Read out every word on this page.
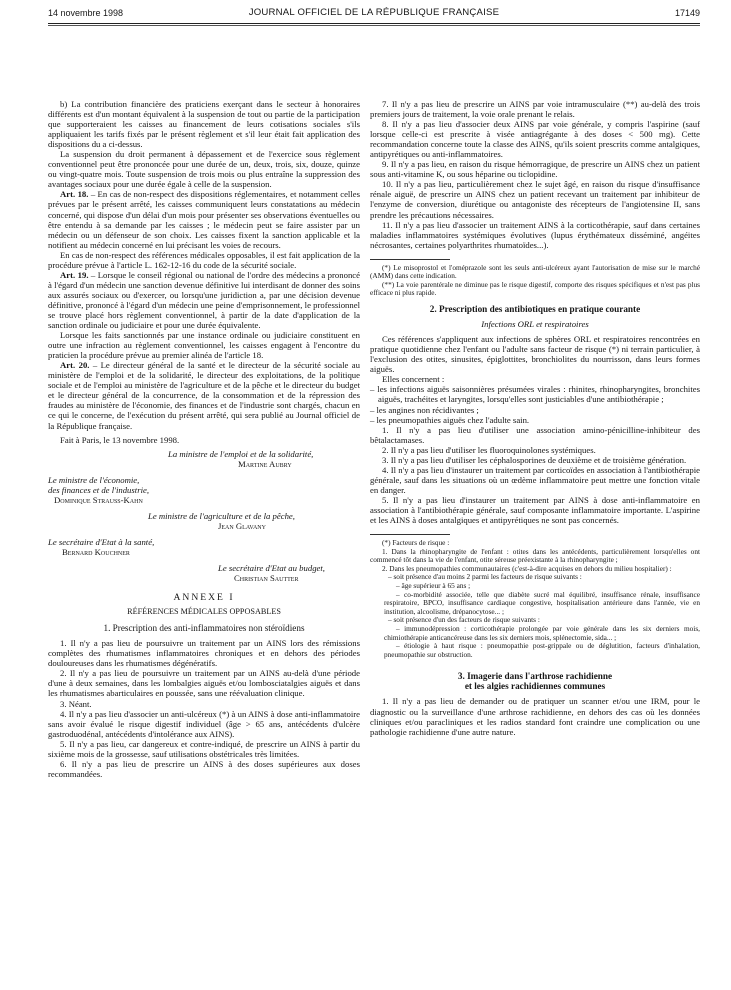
14 novembre 1998	JOURNAL OFFICIEL DE LA RÉPUBLIQUE FRANÇAISE	17149

b) La contribution financière des praticiens exerçant dans le secteur à honoraires différents est d'un montant équivalent à la suspension de tout ou partie de la participation que supporteraient les caisses au financement de leurs cotisations sociales s'ils appliquaient les tarifs fixés par le présent règlement et s'il leur était fait application des dispositions du a ci-dessus.

La suspension du droit permanent à dépassement et de l'exercice sous règlement conventionnel peut être prononcée pour une durée de un, deux, trois, six, douze, quinze ou vingt-quatre mois. Toute suspension de trois mois ou plus entraîne la suppression des avantages sociaux pour une durée égale à celle de la suspension.

Art. 18. – En cas de non-respect des dispositions réglementaires, et notamment celles prévues par le présent arrêté, les caisses communiquent leurs constatations au médecin concerné, qui dispose d'un délai d'un mois pour présenter ses observations éventuelles ou être entendu à sa demande par les caisses ; le médecin peut se faire assister par un médecin ou un défenseur de son choix. Les caisses fixent la sanction applicable et la notifient au médecin concerné en lui précisant les voies de recours.

En cas de non-respect des références médicales opposables, il est fait application de la procédure prévue à l'article L. 162-12-16 du code de la sécurité sociale.

Art. 19. – Lorsque le conseil régional ou national de l'ordre des médecins a prononcé à l'égard d'un médecin une sanction devenue définitive lui interdisant de donner des soins aux assurés sociaux ou d'exercer, ou lorsqu'une juridiction a, par une décision devenue définitive, prononcé à l'égard d'un médecin une peine d'emprisonnement, le professionnel se trouve placé hors règlement conventionnel, à partir de la date d'application de la sanction ordinale ou judiciaire et pour une durée équivalente.

Lorsque les faits sanctionnés par une instance ordinale ou judiciaire constituent en outre une infraction au règlement conventionnel, les caisses engagent à l'encontre du praticien la procédure prévue au premier alinéa de l'article 18.

Art. 20. – Le directeur général de la santé et le directeur de la sécurité sociale au ministère de l'emploi et de la solidarité, le directeur des exploitations, de la politique sociale et de l'emploi au ministère de l'agriculture et de la pêche et le directeur du budget et le directeur général de la concurrence, de la consommation et de la répression des fraudes au ministère de l'économie, des finances et de l'industrie sont chargés, chacun en ce qui le concerne, de l'exécution du présent arrêté, qui sera publié au Journal officiel de la République française.

Fait à Paris, le 13 novembre 1998.

La ministre de l'emploi et de la solidarité,
Martine Aubry
Le ministre de l'économie,
des finances et de l'industrie,
Dominique Strauss-Kahn
Le ministre de l'agriculture et de la pêche,
Jean Glavany
Le secrétaire d'Etat à la santé,
Bernard Kouchner
Le secrétaire d'Etat au budget,
Christian Sautter

ANNEXE I

RÉFÉRENCES MÉDICALES OPPOSABLES

1. Prescription des anti-inflammatoires non stéroïdiens

1. Il n'y a pas lieu de poursuivre un traitement par un AINS lors des rémissions complètes des rhumatismes inflammatoires chroniques et en dehors des périodes douloureuses dans les rhumatismes dégénératifs.

2. Il n'y a pas lieu de poursuivre un traitement par un AINS au-delà d'une période d'une à deux semaines, dans les lombalgies aiguës et/ou lombosciatalgies aiguës et dans les rhumatismes abarticulaires en poussée, sans une réévaluation clinique.

3. Néant.

4. Il n'y a pas lieu d'associer un anti-ulcéreux (*) à un AINS à dose anti-inflammatoire sans avoir évalué le risque digestif individuel (âge > 65 ans, antécédents d'ulcère gastroduodénal, antécédents d'intolérance aux AINS).

5. Il n'y a pas lieu, car dangereux et contre-indiqué, de prescrire un AINS à partir du sixième mois de la grossesse, sauf utilisations obstétricales très limitées.

6. Il n'y a pas lieu de prescrire un AINS à des doses supérieures aux doses recommandées.

7. Il n'y a pas lieu de prescrire un AINS par voie intramusculaire (**) au-delà des trois premiers jours de traitement, la voie orale prenant le relais.

8. Il n'y a pas lieu d'associer deux AINS par voie générale, y compris l'aspirine (sauf lorsque celle-ci est prescrite à visée antiagrégante à des doses < 500 mg). Cette recommandation concerne toute la classe des AINS, qu'ils soient prescrits comme antalgiques, antipyrétiques ou anti-inflammatoires.

9. Il n'y a pas lieu, en raison du risque hémorragique, de prescrire un AINS chez un patient sous anti-vitamine K, ou sous héparine ou ticlopidine.

10. Il n'y a pas lieu, particulièrement chez le sujet âgé, en raison du risque d'insuffisance rénale aiguë, de prescrire un AINS chez un patient recevant un traitement par inhibiteur de l'enzyme de conversion, diurétique ou antagoniste des récepteurs de l'angiotensine II, sans prendre les précautions nécessaires.

11. Il n'y a pas lieu d'associer un traitement AINS à la corticothérapie, sauf dans certaines maladies inflammatoires systémiques évolutives (lupus érythémateux disséminé, angéites nécrosantes, certaines polyarthrites rhumatoïdes...).

(*) Le misoprostol et l'oméprazole sont les seuls anti-ulcéreux ayant l'autorisation de mise sur le marché (AMM) dans cette indication.

(**) La voie parentérale ne diminue pas le risque digestif, comporte des risques spécifiques et n'est pas plus efficace ni plus rapide.

2. Prescription des antibiotiques en pratique courante

Infections ORL et respiratoires

Ces références s'appliquent aux infections de sphères ORL et respiratoires rencontrées en pratique quotidienne chez l'enfant ou l'adulte sans facteur de risque (*) ni terrain particulier, à l'exclusion des otites, sinusites, épiglottites, bronchiolites du nourrisson, dans leurs formes aiguës.

Elles concernent :

– les infections aiguës saisonnières présumées virales : rhinites, rhinopharyngites, bronchites aiguës, trachéites et laryngites, lorsqu'elles sont justiciables d'une antibiothérapie ;
– les angines non récidivantes ;
– les pneumopathies aiguës chez l'adulte sain.

1. Il n'y a pas lieu d'utiliser une association amino-pénicilline-inhibiteur des bêtalactamases.

2. Il n'y a pas lieu d'utiliser les fluoroquinolones systémiques.

3. Il n'y a pas lieu d'utiliser les céphalosporines de deuxième et de troisième génération.

4. Il n'y a pas lieu d'instaurer un traitement par corticoïdes en association à l'antibiothérapie générale, sauf dans les situations où un œdème inflammatoire peut mettre une fonction vitale en danger.

5. Il n'y a pas lieu d'instaurer un traitement par AINS à dose anti-inflammatoire en association à l'antibiothérapie générale, sauf composante inflammatoire importante. L'aspirine et les AINS à doses antalgiques et antipyrétiques ne sont pas concernés.

(*) Facteurs de risque :

1. Dans la rhinopharyngite de l'enfant : otites dans les antécédents, particulièrement lorsqu'elles ont commencé tôt dans la vie de l'enfant, otite séreuse préexistante à la rhinopharyngite ;

2. Dans les pneumopathies communautaires (c'est-à-dire acquises en dehors du milieu hospitalier) :

– soit présence d'au moins 2 parmi les facteurs de risque suivants :

– âge supérieur à 65 ans ;

– co-morbidité associée, telle que diabète sucré mal équilibré, insuffisance rénale, insuffisance respiratoire, BPCO, insuffisance cardiaque congestive, hospitalisation antérieure dans l'année, vie en institution, alcoolisme, drépanocytose... ;

– soit présence d'un des facteurs de risque suivants :

– immunodépression : corticothérapie prolongée par voie générale dans les six derniers mois, chimiothérapie anticancéreuse dans les six derniers mois, splénectomie, sida... ;

– étiologie à haut risque : pneumopathie post-grippale ou de déglutition, facteurs d'inhalation, pneumopathie sur obstruction.

3. Imagerie dans l'arthrose rachidienne

et les algies rachidiennes communes

1. Il n'y a pas lieu de demander ou de pratiquer un scanner et/ou une IRM, pour le diagnostic ou la surveillance d'une arthrose rachidienne, en dehors des cas où les données cliniques et/ou paracliniques et les radios standard font craindre une complication ou une pathologie rachidienne d'une autre nature.
